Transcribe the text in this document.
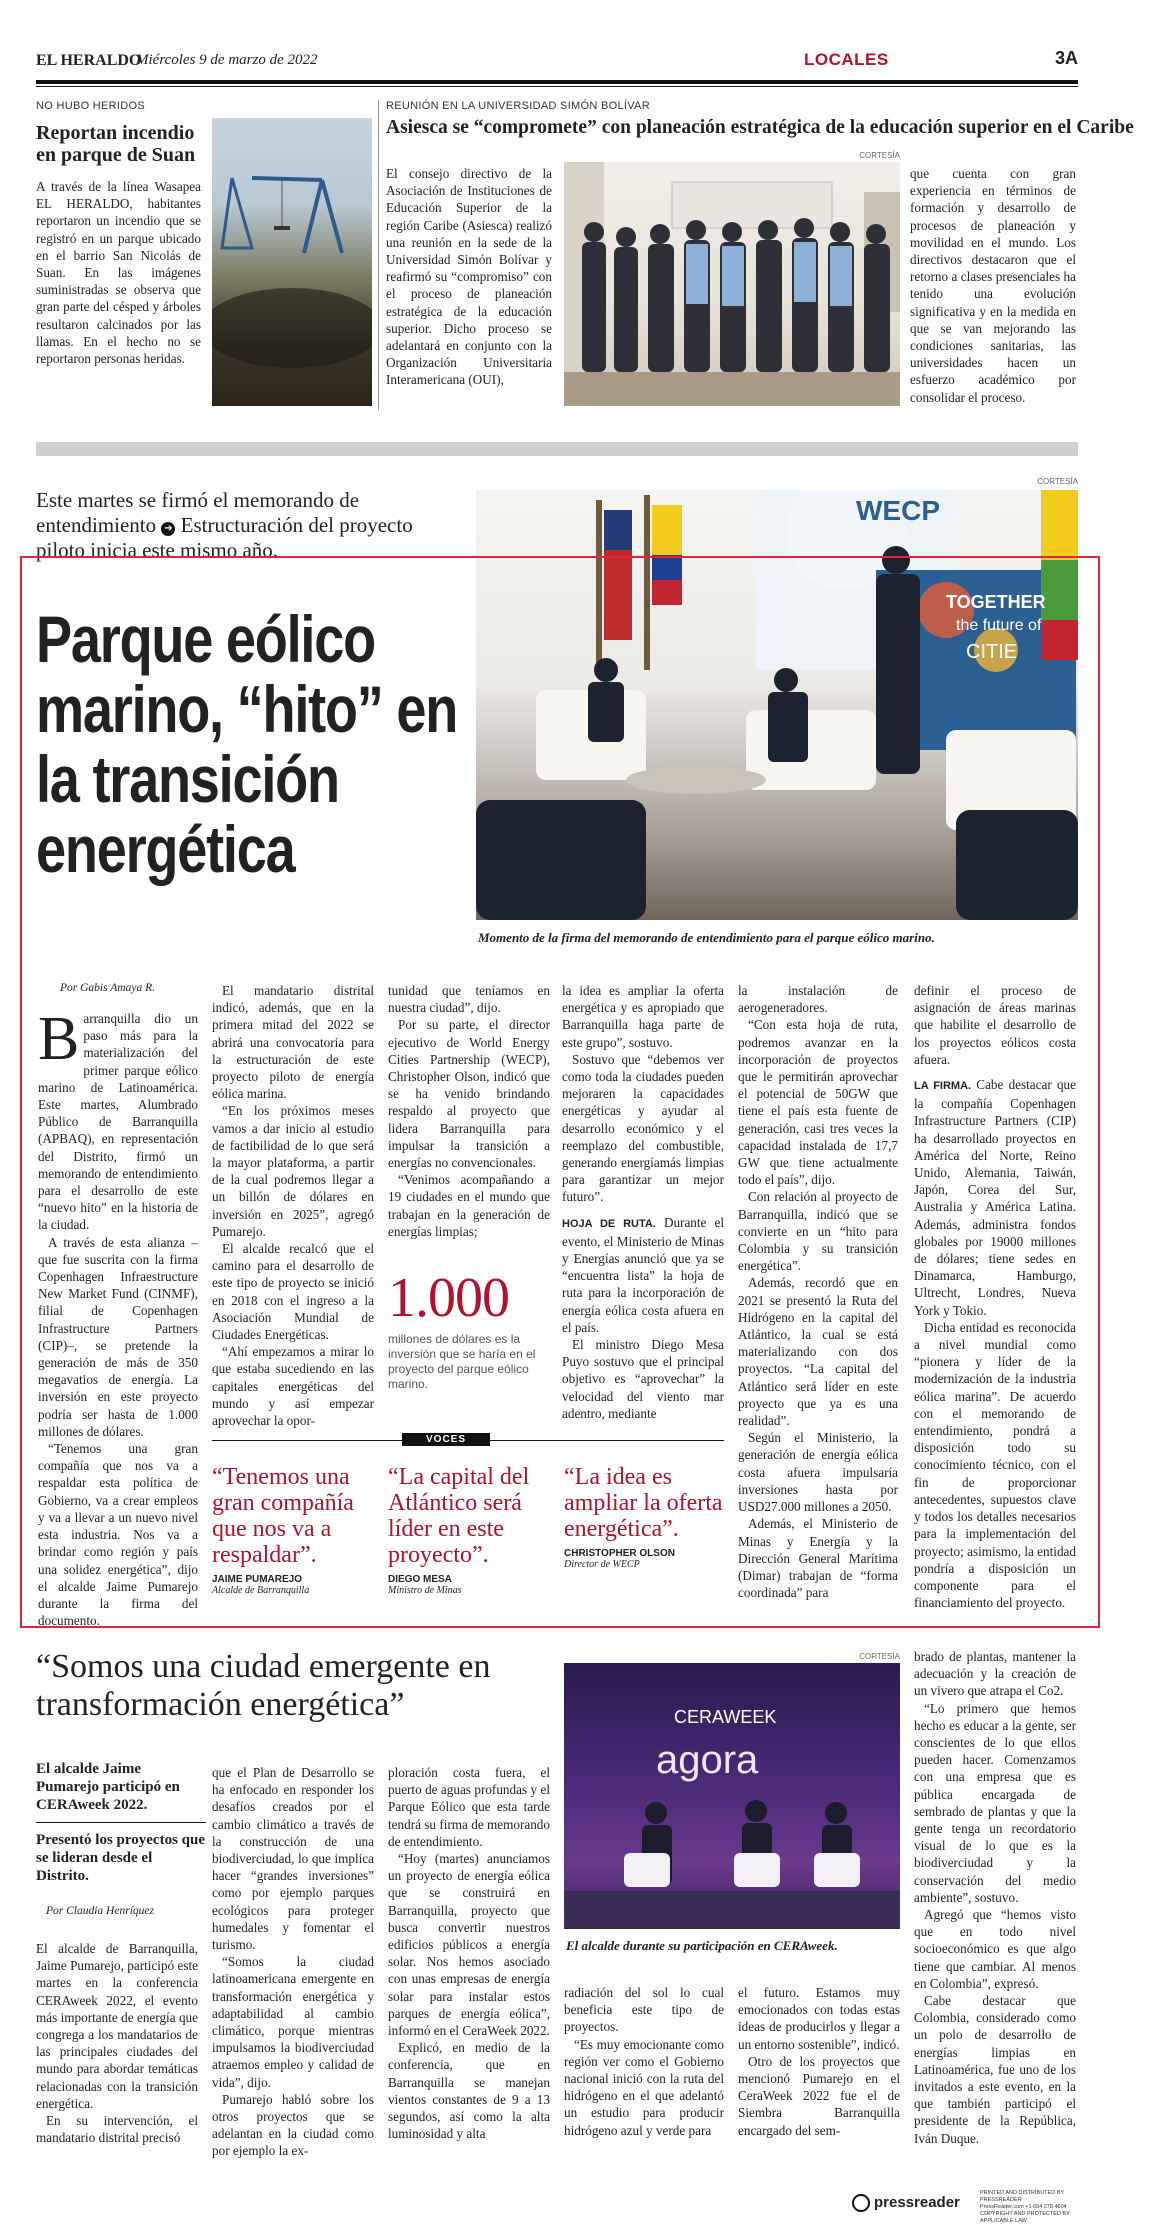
EL HERALDO
Miércoles 9 de marzo de 2022	LOCALES	3A
NO HUBO HERIDOS
Reportan incendio en parque de Suan
A través de la línea Wasapea EL HERALDO, habitantes reportaron un incendio que se registró en un parque ubicado en el barrio San Nicolás de Suan. En las imágenes suministradas se observa que gran parte del césped y árboles resultaron calcinados por las llamas. En el hecho no se reportaron personas heridas.
REUNIÓN EN LA UNIVERSIDAD SIMÓN BOLÍVAR
Asiesca se “compromete” con planeación estratégica de la educación superior en el Caribe
El consejo directivo de la Asociación de Instituciones de Educación Superior de la región Caribe (Asiesca) realizó una reunión en la sede de la Universidad Simón Bolívar y reafirmó su “compromiso” con el proceso de planeación estratégica de la educación superior. Dicho proceso se adelantará en conjunto con la Organización Universitaria Interamericana (OUI),
CORTESÍA
que cuenta con gran experiencia en términos de formación y desarrollo de procesos de planeación y movilidad en el mundo. Los directivos destacaron que el retorno a clases presenciales ha tenido una evolución significativa y en la medida en que se van mejorando las condiciones sanitarias, las universidades hacen un esfuerzo académico por consolidar el proceso.
Este martes se firmó el memorando de entendimiento ➔ Estructuración del proyecto piloto inicia este mismo año.
CORTESÍA
WECP
TOGETHER
the future of
CITIE
Momento de la firma del memorando de entendimiento para el parque eólico marino.
Parque eólico marino, “hito” en la transición energética
Por Gabis Amaya R.
B arranquilla dio un paso más para la materialización del primer parque eólico marino de Latinoamérica. Este martes, Alumbrado Público de Barranquilla (APBAQ), en representación del Distrito, firmó un memorando de entendimiento para el desarrollo de este “nuevo hito” en la historia de la ciudad.

A través de esta alianza –que fue suscrita con la firma Copenhagen Infraestructure New Market Fund (CINMF), filial de Copenhagen Infrastructure Partners (CIP)–, se pretende la generación de más de 350 megavatios de energía. La inversión en este proyecto podría ser hasta de 1.000 millones de dólares.

“Tenemos una gran compañía que nos va a respaldar esta política de Gobierno, va a crear empleos y va a llevar a un nuevo nivel esta industria. Nos va a brindar como región y país una solidez energética”, dijo el alcalde Jaime Pumarejo durante la firma del documento.

El mandatario distrital indicó, además, que en la primera mitad del 2022 se abrirá una convocatoria para la estructuración de este proyecto piloto de energía eólica marina.

“En los próximos meses vamos a dar inicio al estudio de factibilidad de lo que será la mayor plataforma, a partir de la cual podremos llegar a un billón de dólares en inversión en 2025”, agregó Pumarejo.

El alcalde recalcó que el camino para el desarrollo de este tipo de proyecto se inició en 2018 con el ingreso a la Asociación Mundial de Ciudades Energéticas.

“Ahí empezamos a mirar lo que estaba sucediendo en las capitales energéticas del mundo y así empezar aprovechar la opor-

tunidad que teníamos en nuestra ciudad”, dijo.

Por su parte, el director ejecutivo de World Energy Cities Partnership (WECP), Christopher Olson, indicó que se ha venido brindando respaldo al proyecto que lidera Barranquilla para impulsar la transición a energías no convencionales.

“Venimos acompañando a 19 ciudades en el mundo que trabajan en la generación de energías limpias;

la idea es ampliar la oferta energética y es apropiado que Barranquilla haga parte de este grupo”, sostuvo.

Sostuvo que “debemos ver como toda la ciudades pueden mejoraren la capacidades energéticas y ayudar al desarrollo económico y el reemplazo del combustible, generando energíamás limpias para garantizar un mejor futuro”.

HOJA DE RUTA. Durante el evento, el Ministerio de Minas y Energías anunció que ya se “encuentra lista” la hoja de ruta para la incorporación de energía eólica costa afuera en el país.

El ministro Diego Mesa Puyo sostuvo que el principal objetivo es “aprovechar” la velocidad del viento mar adentro, mediante

1.000
millones de dólares es la inversión que se haría en el proyecto del parque eólico marino.
VOCES
“Tenemos una gran compañía que nos va a respaldar”.
JAIME PUMAREJO
Alcalde de Barranquilla
“La capital del Atlántico será líder en este proyecto”.
DIEGO MESA
Ministro de Minas
“La idea es ampliar la oferta energética”.
CHRISTOPHER OLSON
Director de WECP

la instalación de aerogeneradores.

“Con esta hoja de ruta, podremos avanzar en la incorporación de proyectos que le permitirán aprovechar el potencial de 50GW que tiene el país esta fuente de generación, casi tres veces la capacidad instalada de 17,7 GW que tiene actualmente todo el país”, dijo.

Con relación al proyecto de Barranquilla, indicó que se convierte en un “hito para Colombia y su transición energética”.

Además, recordó que en 2021 se presentó la Ruta del Hidrógeno en la capital del Atlántico, la cual se está materializando con dos proyectos. “La capital del Atlántico será líder en este proyecto que ya es una realidad”.

Según el Ministerio, la generación de energía eólica costa afuera impulsaría inversiones hasta por USD27.000 millones a 2050.

Además, el Ministerio de Minas y Energía y la Dirección General Marítima (Dimar) trabajan de “forma coordinada” para

definir el proceso de asignación de áreas marinas que habilite el desarrollo de los proyectos eólicos costa afuera.

LA FIRMA. Cabe destacar que la compañía Copenhagen Infrastructure Partners (CIP) ha desarrollado proyectos en América del Norte, Reino Unido, Alemania, Taiwán, Japón, Corea del Sur, Australia y América Latina. Además, administra fondos globales por 19000 millones de dólares; tiene sedes en Dinamarca, Hamburgo, Ultrecht, Londres, Nueva York y Tokio.

Dicha entidad es reconocida a nivel mundial como “pionera y líder de la modernización de la industria eólica marina”. De acuerdo con el memorando de entendimiento, pondrá a disposición todo su conocimiento técnico, con el fin de proporcionar antecedentes, supuestos clave y todos los detalles necesarios para la implementación del proyecto; asimismo, la entidad pondría a disposición un componente para el financiamiento del proyecto.

“Somos una ciudad emergente en transformación energética”
El alcalde Jaime Pumarejo participó en CERAweek 2022.
Presentó los proyectos que se lideran desde el Distrito.
Por Claudia Henríquez

El alcalde de Barranquilla, Jaime Pumarejo, participó este martes en la conferencia CERAweek 2022, el evento más importante de energía que congrega a los mandatarios de las principales ciudades del mundo para abordar temáticas relacionadas con la transición energética.

En su intervención, el mandatario distrital precisó

que el Plan de Desarrollo se ha enfocado en responder los desafíos creados por el cambio climático a través de la construcción de una biodiverciudad, lo que implica hacer “grandes inversiones” como por ejemplo parques ecológicos para proteger humedales y fomentar el turismo.

“Somos la ciudad latinoamericana emergente en transformación energética y adaptabilidad al cambio climático, porque mientras impulsamos la biodiverciudad atraemos empleo y calidad de vida”, dijo.

Pumarejo habló sobre los otros proyectos que se adelantan en la ciudad como por ejemplo la ex-

ploración costa fuera, el puerto de aguas profundas y el Parque Eólico que esta tarde tendrá su firma de memorando de entendimiento.

“Hoy (martes) anunciamos un proyecto de energía eólica que se construirá en Barranquilla, proyecto que busca convertir nuestros edificios públicos a energía solar. Nos hemos asociado con unas empresas de energía solar para instalar estos parques de energía eólica”, informó en el CeraWeek 2022.

Explicó, en medio de la conferencia, que en Barranquilla se manejan vientos constantes de 9 a 13 segundos, así como la alta luminosidad y alta

CORTESÍA
CERAWEEK
agora
El alcalde durante su participación en CERAweek.

radiación del sol lo cual beneficia este tipo de proyectos.

“Es muy emocionante como región ver como el Gobierno nacional inició con la ruta del hidrógeno en el que adelantó un estudio para producir hidrógeno azul y verde para

el futuro. Estamos muy emocionados con todas estas ideas de producirlos y llegar a un entorno sostenible”, indicó.

Otro de los proyectos que mencionó Pumarejo en el CeraWeek 2022 fue el de Siembra Barranquilla encargado del sem-

brado de plantas, mantener la adecuación y la creación de un vivero que atrapa el Co2.

“Lo primero que hemos hecho es educar a la gente, ser conscientes de lo que ellos pueden hacer. Comenzamos con una empresa que es pública encargada de sembrado de plantas y que la gente tenga un recordatorio visual de lo que es la biodiverciudad y la conservación del medio ambiente”, sostuvo.

Agregó que “hemos visto que en todo nivel socioeconómico es que algo tiene que cambiar. Al menos en Colombia”, expresó.

Cabe destacar que Colombia, considerado como un polo de desarrollo de energías limpias en Latinoamérica, fue uno de los invitados a este evento, en la que también participó el presidente de la República, Iván Duque.

pressreader
PRINTED AND DISTRIBUTED BY PRESSREADER
PressReader.com +1 604 278 4604
COPYRIGHT AND PROTECTED BY APPLICABLE LAW
